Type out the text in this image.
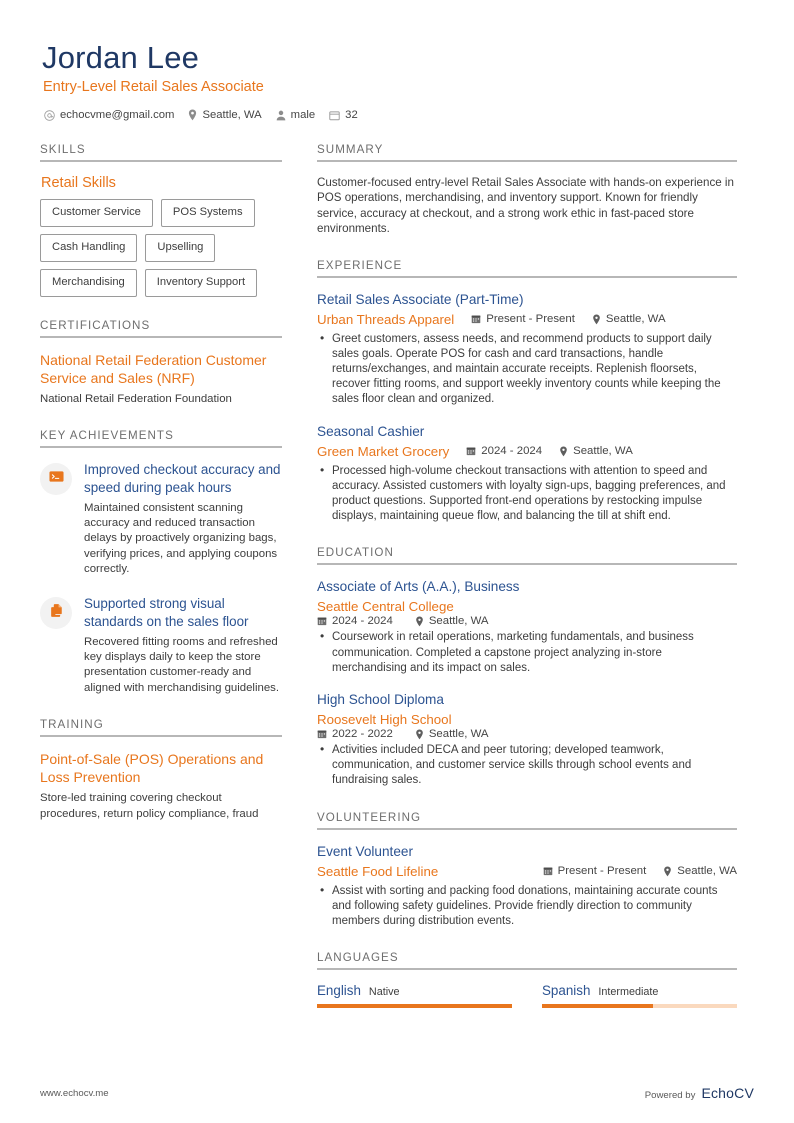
Jordan Lee
Entry-Level Retail Sales Associate
echocvme@gmail.com Seattle, WA	male	32
SKILLS
Retail Skills
Customer Service	POS Systems
Cash Handling	Upselling
Merchandising	Inventory Support
CERTIFICATIONS
National Retail Federation Customer Service and Sales (NRF)
National Retail Federation Foundation
KEY ACHIEVEMENTS
Improved checkout accuracy and speed during peak hours
Maintained consistent scanning accuracy and reduced transaction delays by proactively organizing bags, verifying prices, and applying coupons correctly.
Supported strong visual standards on the sales floor
Recovered fitting rooms and refreshed key displays daily to keep the store presentation customer-ready and aligned with merchandising guidelines.
TRAINING
Point-of-Sale (POS) Operations and Loss Prevention
Store-led training covering checkout procedures, return policy compliance, fraud
SUMMARY

Customer-focused entry-level Retail Sales Associate with hands-on experience in POS operations, merchandising, and inventory support. Known for friendly service, accuracy at checkout, and a strong work ethic in fast-paced store environments.

EXPERIENCE
Retail Sales Associate (Part-Time)
Urban Threads Apparel	Present - Present	Seattle, WA
• Greet customers, assess needs, and recommend products to support daily sales goals. Operate POS for cash and card transactions, handle returns/exchanges, and maintain accurate receipts. Replenish floorsets, recover fitting rooms, and support weekly inventory counts while keeping the sales floor clean and organized.
Seasonal Cashier
Green Market Grocery	2024 - 2024	Seattle, WA
• Processed high-volume checkout transactions with attention to speed and accuracy. Assisted customers with loyalty sign-ups, bagging preferences, and product questions. Supported front-end operations by restocking impulse displays, maintaining queue flow, and balancing the till at shift end.
EDUCATION
Associate of Arts (A.A.), Business
Seattle Central College
2024 - 2024	Seattle, WA
• Coursework in retail operations, marketing fundamentals, and business communication. Completed a capstone project analyzing in-store merchandising and its impact on sales.
High School Diploma
Roosevelt High School
2022 - 2022	Seattle, WA
• Activities included DECA and peer tutoring; developed teamwork, communication, and customer service skills through school events and fundraising sales.
VOLUNTEERING
Event Volunteer
Seattle Food Lifeline	Present - Present	Seattle, WA
• Assist with sorting and packing food donations, maintaining accurate counts and following safety guidelines. Provide friendly direction to community members during distribution events.
LANGUAGES
English Native	Spanish Intermediate
www.echocv.me	Powered by EchoCV
